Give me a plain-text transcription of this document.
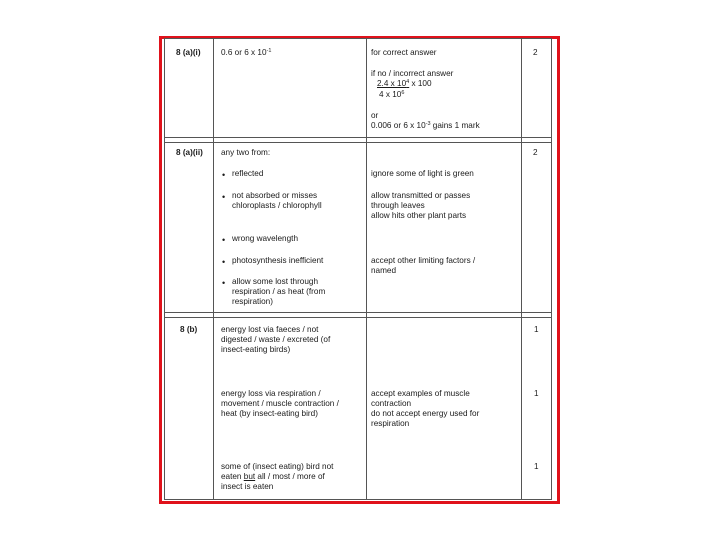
8 (a)(i) 0.6 or 6 x $10^{-1}$	for correct answer
if no / incorrect answer
2.4 x $10^4$ x 100
4 x $10^6$
or
0.006 or 6 x $10^{-3}$ gains 1 mark
2
8 (a)(ii) any two from:
• reflected
• not absorbed or misses
chloroplasts / chlorophyll
• wrong wavelength
• photosynthesis inefficient
• allow some lost through
respiration / as heat (from
respiration)
ignore some of light is green
allow transmitted or passes
through leaves
allow hits other plant parts
accept other limiting factors /
named
2
8 (b)	energy lost via faeces / not
digested / waste / excreted (of
insect-eating birds)
1
energy loss via respiration /
movement / muscle contraction /
heat (by insect-eating bird)
accept examples of muscle
contraction
do not accept energy used for
respiration
1
some of (insect eating) bird not
eaten but all / most / more of
insect is eaten
1
